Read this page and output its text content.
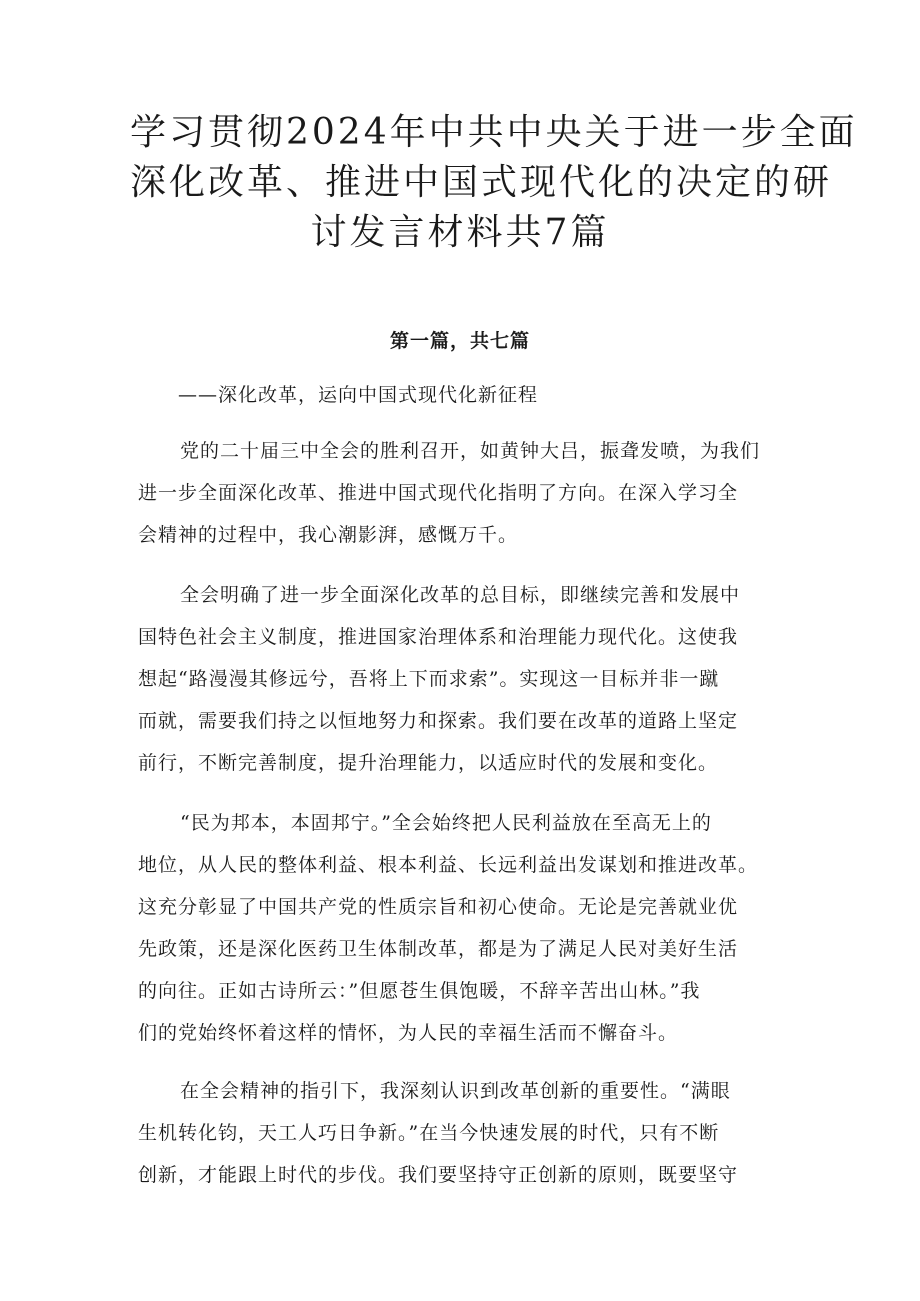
学习贯彻2024年中共中央关于进一步全面
深化改革、推进中国式现代化的决定的研
讨发言材料共7篇
第一篇，共七篇

——深化改革，运向中国式现代化新征程

党的二十届三中全会的胜利召开，如黄钟大吕，振聋发喷，为我们
进一步全面深化改革、推进中国式现代化指明了方向。在深入学习全
会精神的过程中，我心潮影湃，感慨万千。
全会明确了进一步全面深化改革的总目标，即继续完善和发展中
国特色社会主义制度，推进国家治理体系和治理能力现代化。这使我
想起“路漫漫其修远兮，吾将上下而求索”。实现这一目标并非一蹴
而就，需要我们持之以恒地努力和探索。我们要在改革的道路上坚定
前行，不断完善制度，提升治理能力，以适应时代的发展和变化。
“民为邦本，本固邦宁。”全会始终把人民利益放在至高无上的
地位，从人民的整体利益、根本利益、长远利益出发谋划和推进改革。
这充分彰显了中国共产党的性质宗旨和初心使命。无论是完善就业优
先政策，还是深化医药卫生体制改革，都是为了满足人民对美好生活
的向往。正如古诗所云：”但愿苍生俱饱暖，不辞辛苦出山林。”我
们的党始终怀着这样的情怀，为人民的幸福生活而不懈奋斗。
在全会精神的指引下，我深刻认识到改革创新的重要性。“满眼
生机转化钧，天工人巧日争新。”在当今快速发展的时代，只有不断
创新，才能跟上时代的步伐。我们要坚持守正创新的原则，既要坚守
